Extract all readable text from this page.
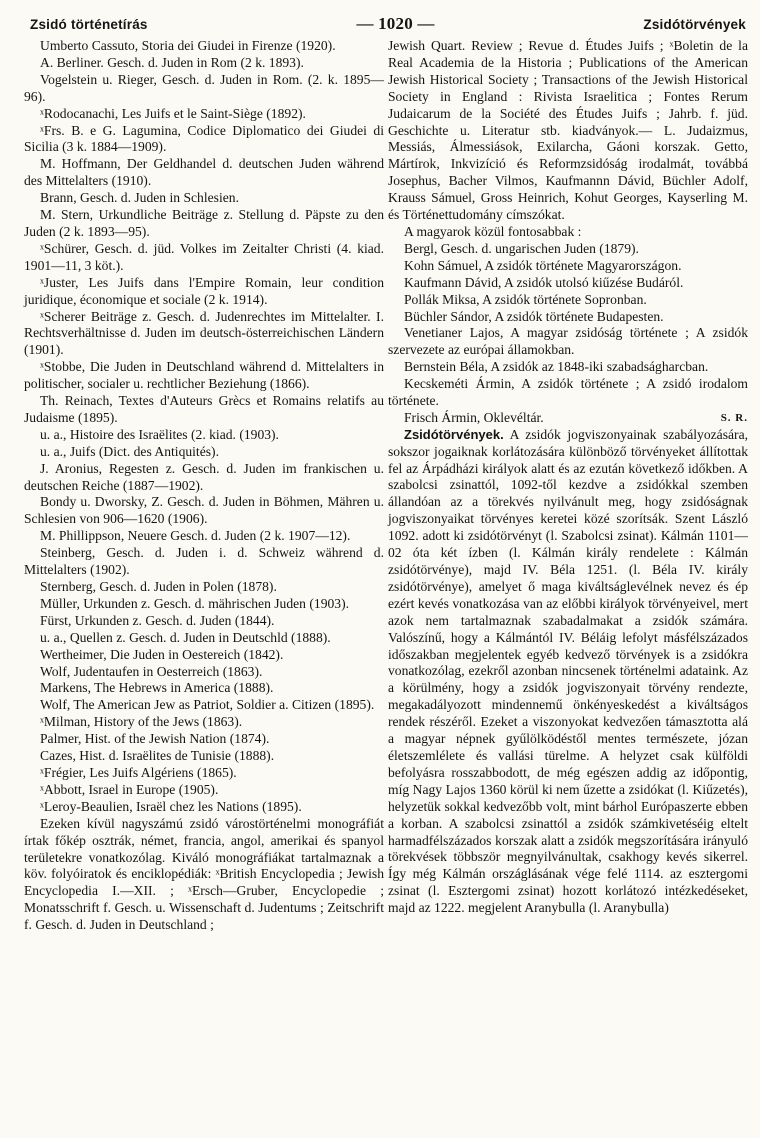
Zsidó történetírás	— 1020 —	Zsidótörvények

Umberto Cassuto, Storia dei Giudei in Firenze (1920).

A. Berliner. Gesch. d. Juden in Rom (2 k. 1893).

Vogelstein u. Rieger, Gesch. d. Juden in Rom. (2. k. 1895—96).

ˣRodocanachi, Les Juifs et le Saint-Siège (1892).

ˣFrs. B. e G. Lagumina, Codice Diplomatico dei Giudei di Sicilia (3 k. 1884—1909).

M. Hoffmann, Der Geldhandel d. deutschen Juden während des Mittelalters (1910).

Brann, Gesch. d. Juden in Schlesien.

M. Stern, Urkundliche Beiträge z. Stellung d. Päpste zu den Juden (2 k. 1893—95).

ˣSchürer, Gesch. d. jüd. Volkes im Zeitalter Christi (4. kiad. 1901—11, 3 köt.).

ˣJuster, Les Juifs dans l'Empire Romain, leur condition juridique, économique et sociale (2 k. 1914).

ˣScherer Beiträge z. Gesch. d. Judenrechtes im Mittelalter. I. Rechtsverhältnisse d. Juden im deutsch-österreichischen Ländern (1901).

ˣStobbe, Die Juden in Deutschland während d. Mittelalters in politischer, socialer u. rechtlicher Beziehung (1866).

Th. Reinach, Textes d'Auteurs Grècs et Romains relatifs au Judaisme (1895).

u. a., Histoire des Israëlites (2. kiad. (1903).

u. a., Juifs (Dict. des Antiquités).

J. Aronius, Regesten z. Gesch. d. Juden im frankischen u. deutschen Reiche (1887—1902).

Bondy u. Dworsky, Z. Gesch. d. Juden in Böhmen, Mähren u. Schlesien von 906—1620 (1906).

M. Phillippson, Neuere Gesch. d. Juden (2 k. 1907—12).

Steinberg, Gesch. d. Juden i. d. Schweiz während d. Mittelalters (1902).

Sternberg, Gesch. d. Juden in Polen (1878).

Müller, Urkunden z. Gesch. d. mährischen Juden (1903).

Fürst, Urkunden z. Gesch. d. Juden (1844).

u. a., Quellen z. Gesch. d. Juden in Deutschld (1888).

Wertheimer, Die Juden in Oestereich (1842).

Wolf, Judentaufen in Oesterreich (1863).

Markens, The Hebrews in America (1888).

Wolf, The American Jew as Patriot, Soldier a. Citizen (1895).

ˣMilman, History of the Jews (1863).

Palmer, Hist. of the Jewish Nation (1874).

Cazes, Hist. d. Israëlites de Tunisie (1888).

ˣFrégier, Les Juifs Algériens (1865).

ˣAbbott, Israel in Europe (1905).

ˣLeroy-Beaulien, Israël chez les Nations (1895).

Ezeken kívül nagyszámú zsidó várostörténelmi monográfiát írtak főkép osztrák, német, francia, angol, amerikai és spanyol területekre vonatkozólag. Kiváló monográfiákat tartalmaznak a köv. folyóiratok és enciklopédiák: ˣBritish Encyclopedia ; Jewish Encyclopedia I.—XII. ; ˣErsch—Gruber, Encyclopedie ; Monatsschrift f. Gesch. u. Wissenschaft d. Judentums ; Zeitschrift f. Gesch. d. Juden in Deutschland ;

Jewish Quart. Review ; Revue d. Études Juifs ; ˣBoletin de la Real Academia de la Historia ; Publications of the American Jewish Historical Society ; Transactions of the Jewish Historical Society in England : Rivista Israelitica ; Fontes Rerum Judaicarum de la Société des Études Juifs ; Jahrb. f. jüd. Geschichte u. Literatur stb. kiadványok.— L. Judaizmus, Messiás, Álmessiások, Exilarcha, Gáoni korszak. Getto, Mártírok, Inkvizíció és Reformzsidóság irodalmát, továbbá Josephus, Bacher Vilmos, Kaufmannn Dávid, Büchler Adolf, Krauss Sámuel, Gross Heinrich, Kohut Georges, Kayserling M. és Történettudomány címszókat.

A magyarok közül fontosabbak :

Bergl, Gesch. d. ungarischen Juden (1879).

Kohn Sámuel, A zsidók története Magyarországon.

Kaufmann Dávid, A zsidók utolsó kiűzése Budáról.

Pollák Miksa, A zsidók története Sopronban.

Büchler Sándor, A zsidók története Budapesten.

Venetianer Lajos, A magyar zsidóság története ; A zsidók szervezete az európai államokban.

Bernstein Béla, A zsidók az 1848-iki szabadságharcban.

Kecskeméti Ármin, A zsidók története ; A zsidó irodalom története.

Frisch Ármin, Oklevéltár.	S. R.

Zsidótörvények. A zsidók jogviszonyainak szabályozására, sokszor jogaiknak korlátozására különböző törvényeket állítottak fel az Árpádházi királyok alatt és az ezután következő időkben. A szabolcsi zsinattól, 1092-től kezdve a zsidókkal szemben állandóan az a törekvés nyilvánult meg, hogy zsidóságnak jogviszonyaikat törvényes keretei közé szorítsák. Szent László 1092. adott ki zsidótörvényt (l. Szabolcsi zsinat). Kálmán 1101—02 óta két ízben (l. Kálmán király rendelete : Kálmán zsidótörvénye), majd IV. Béla 1251. (l. Béla IV. király zsidótörvénye), amelyet ő maga kiváltságlevélnek nevez és ép ezért kevés vonatkozása van az előbbi királyok törvényeivel, mert azok nem tartalmaznak szabadalmakat a zsidók számára. Valószínű, hogy a Kálmántól IV. Béláig lefolyt másfélszázados időszakban megjelentek egyéb kedvező törvények is a zsidókra vonatkozólag, ezekről azonban nincsenek történelmi adataink. Az a körülmény, hogy a zsidók jogviszonyait törvény rendezte, megakadályozott mindennemű önkényeskedést a kiváltságos rendek részéről. Ezeket a viszonyokat kedvezően támasztotta alá a magyar népnek gyűlölködéstől mentes természete, józan életszemlélete és vallási türelme. A helyzet csak külföldi befolyásra rosszabbodott, de még egészen addig az időpontig, míg Nagy Lajos 1360 körül ki nem űzette a zsidókat (l. Kiűzetés), helyzetük sokkal kedvezőbb volt, mint bárhol Európaszerte ebben a korban. A szabolcsi zsinattól a zsidók számkivetéséig eltelt harmadfélszázados korszak alatt a zsidók megszorítására irányuló törekvések többször megnyilvánultak, csakhogy kevés sikerrel. Így még Kálmán országlásának vége felé 1114. az esztergomi zsinat (l. Esztergomi zsinat) hozott korlátozó intézkedéseket, majd az 1222. megjelent Aranybulla (l. Aranybulla)
